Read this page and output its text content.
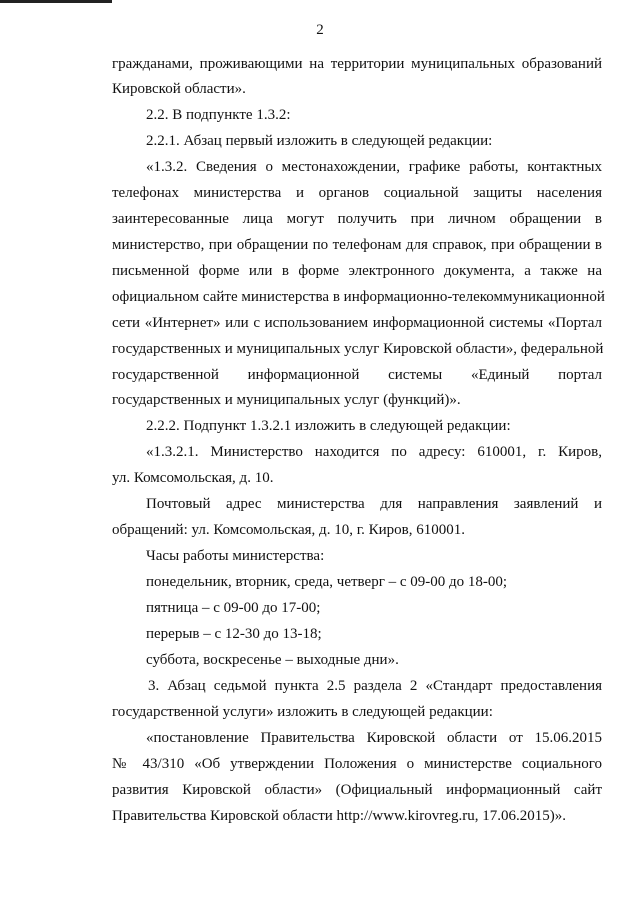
2
гражданами, проживающими на территории муниципальных образований
Кировской области».
2.2. В подпункте 1.3.2:
2.2.1. Абзац первый изложить в следующей редакции:
«1.3.2. Сведения о местонахождении, графике работы, контактных
телефонах министерства и органов социальной защиты населения
заинтересованные лица могут получить при личном обращении в
министерство, при обращении по телефонам для справок, при обращении в
письменной форме или в форме электронного документа, а также на
официальном сайте министерства в информационно-телекоммуникационной
сети «Интернет» или с использованием информационной системы «Портал
государственных и муниципальных услуг Кировской области», федеральной
государственной информационной системы «Единый портал
государственных и муниципальных услуг (функций)».
2.2.2. Подпункт 1.3.2.1 изложить в следующей редакции:
«1.3.2.1. Министерство находится по адресу: 610001, г. Киров,
ул. Комсомольская, д. 10.
Почтовый адрес министерства для направления заявлений и
обращений: ул. Комсомольская, д. 10, г. Киров, 610001.
Часы работы министерства:
понедельник, вторник, среда, четверг – с 09-00 до 18-00;
пятница – с 09-00 до 17-00;
перерыв – с 12-30 до 13-18;
суббота, воскресенье – выходные дни».
3. Абзац седьмой пункта 2.5 раздела 2 «Стандарт предоставления
государственной услуги» изложить в следующей редакции:
«постановление Правительства Кировской области от 15.06.2015
№ 43/310 «Об утверждении Положения о министерстве социального
развития Кировской области» (Официальный информационный сайт
Правительства Кировской области http://www.kirovreg.ru, 17.06.2015)».
